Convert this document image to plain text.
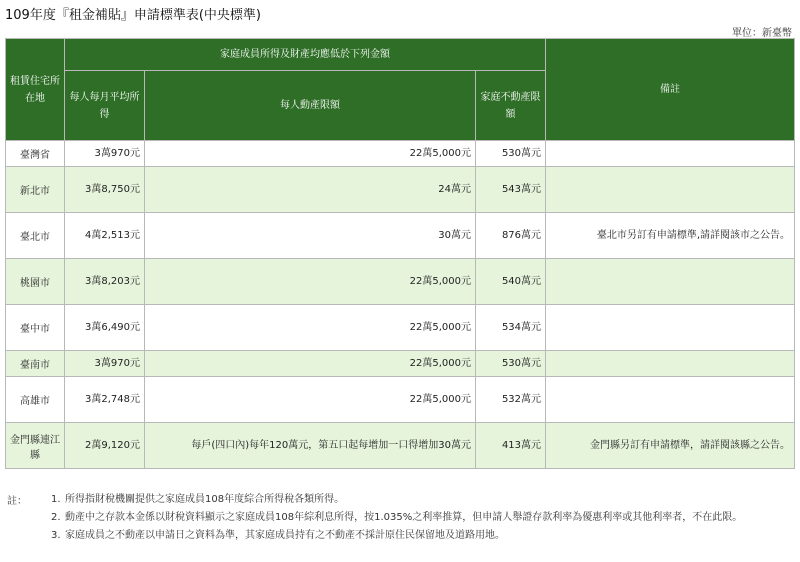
109年度『租金補貼』申請標準表(中央標準)
單位：新臺幣
租賃住宅所在地	家庭成員所得及財產均應低於下列金額			備註
	每人每月平均所得	每人動產限額	家庭不動產限額	
臺灣省	3萬970元	22萬5,000元	530萬元	
新北市	3萬8,750元	24萬元	543萬元	
臺北市	4萬2,513元	30萬元	876萬元	臺北市另訂有申請標準,請詳閱該市之公告。
桃園市	3萬8,203元	22萬5,000元	540萬元	
臺中市	3萬6,490元	22萬5,000元	534萬元	
臺南市	3萬970元	22萬5,000元	530萬元	
高雄市	3萬2,748元	22萬5,000元	532萬元	
金門縣連江縣	2萬9,120元	每戶(四口內)每年120萬元，第五口起每增加一口得增加30萬元	413萬元	金門縣另訂有申請標準，請詳閱該縣之公告。
註： 1. 所得指財稅機關提供之家庭成員108年度綜合所得稅各類所得。
2. 動產中之存款本金係以財稅資料顯示之家庭成員108年綜利息所得，按1.035%之利率推算，但申請人舉證存款利率為優惠利率或其他利率者，不在此限。
3. 家庭成員之不動產以申請日之資料為準，其家庭成員持有之不動產不採計原住民保留地及道路用地。
